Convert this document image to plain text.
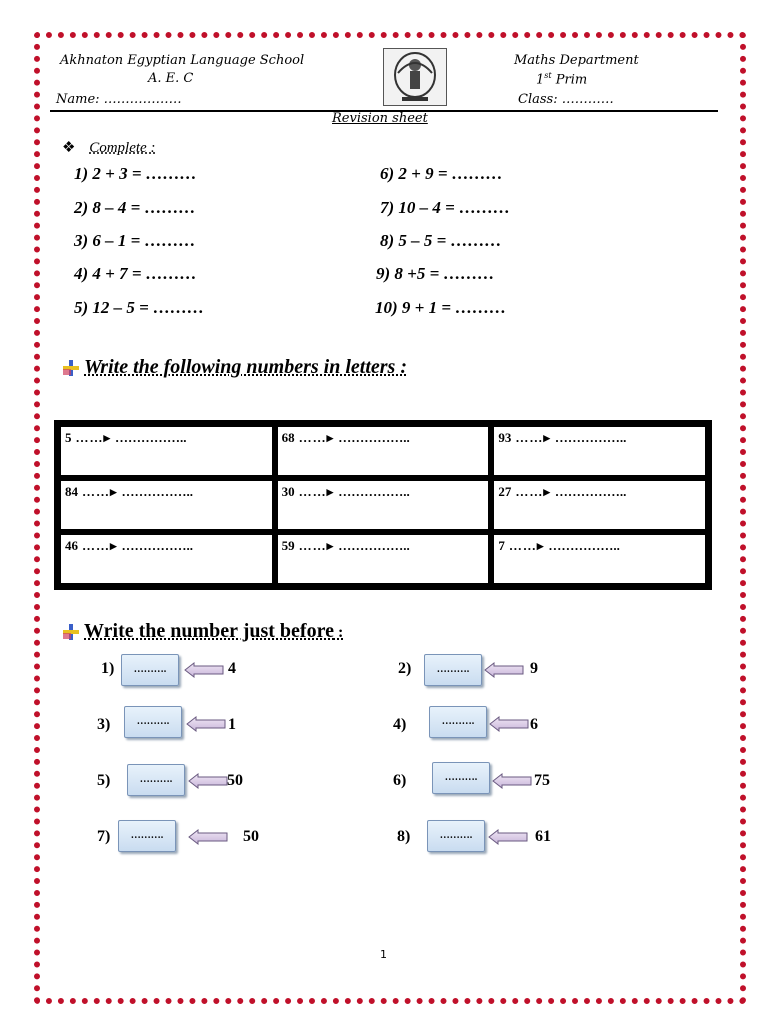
Akhnaton Egyptian Language School
A. E. C
Name: ………………
Maths Department
1st Prim
Class: …………
Revision sheet
❖ Complete :
1) 2 + 3 = ………
2) 8 – 4 = ………
3) 6 – 1 = ………
4) 4 + 7 = ………
5) 12 – 5 = ………
6) 2 + 9 = ………
7) 10 – 4 = ………
8) 5 – 5 = ………
9) 8 +5 = ………
10) 9 + 1 = ………
Write the following numbers in letters :
5 …… ▸ ……………..	68 …… ▸ ……………..	93 …… ▸ ……………..
84 …… ▸ ……………..	30 …… ▸ ……………..	27 …… ▸ ……………..
46 …… ▸ ……………..	59 …… ▸ ……………..	7 …… ▸ ……………..
Write the number just before :
1)	……….	4	2)	……….	9
3)	……….	1	4)	……….	6
5)	……….	50	6)	……….	75
7)	……….	50	8)	……….	61
1
